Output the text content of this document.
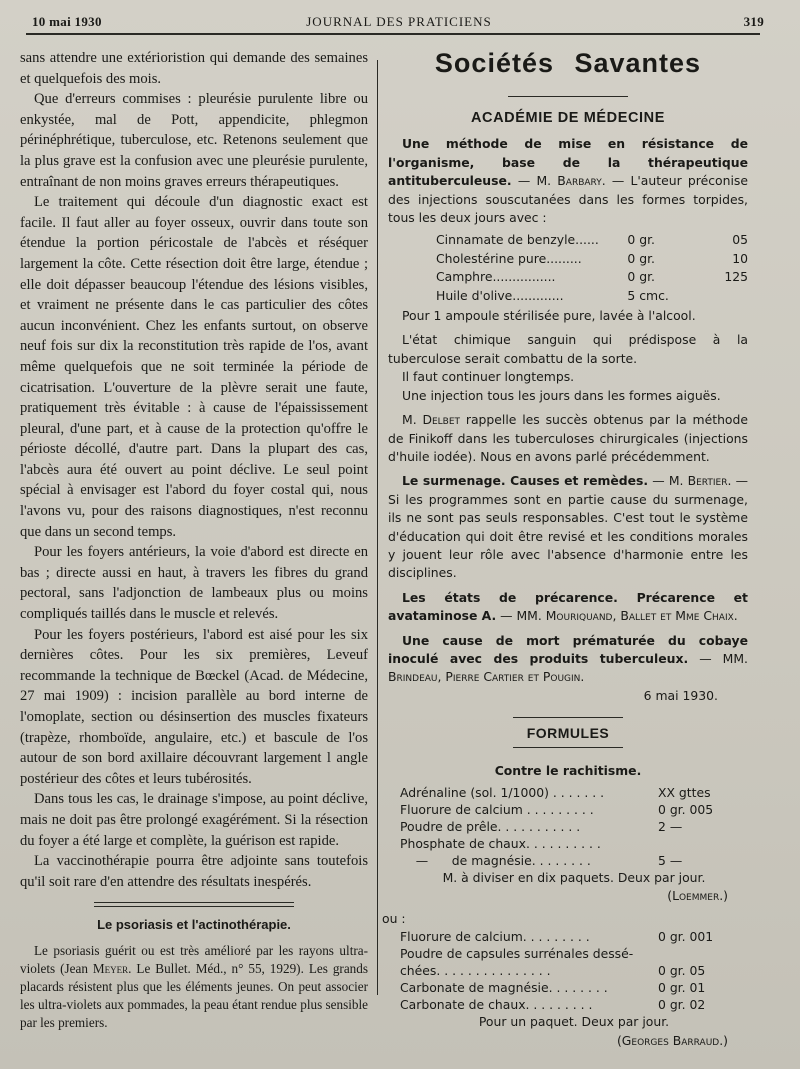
10 mai 1930	JOURNAL DES PRATICIENS	319

sans attendre une extérioristion qui demande des semaines et quelquefois des mois.

Que d'erreurs commises : pleurésie purulente libre ou enkystée, mal de Pott, appendicite, phlegmon périnéphrétique, tuberculose, etc. Retenons seulement que la plus grave est la confusion avec une pleurésie purulente, entraînant de non moins graves erreurs thérapeutiques.

Le traitement qui découle d'un diagnostic exact est facile. Il faut aller au foyer osseux, ouvrir dans toute son étendue la portion péricostale de l'abcès et réséquer largement la côte. Cette résection doit être large, étendue ; elle doit dépasser beaucoup l'étendue des lésions visibles, et vraiment ne présente dans le cas particulier des côtes aucun inconvénient. Chez les enfants surtout, on observe neuf fois sur dix la reconstitution très rapide de l'os, avant même quelquefois que ne soit terminée la période de cicatrisation. L'ouverture de la plèvre serait une faute, pratiquement très évitable : à cause de l'épaississement pleural, d'une part, et à cause de la protection qu'offre le périoste décollé, d'autre part. Dans la plupart des cas, l'abcès aura été ouvert au point déclive. Le seul point spécial à envisager est l'abord du foyer costal qui, nous l'avons vu, pour des raisons diagnostiques, n'est reconnu que dans un second temps.

Pour les foyers antérieurs, la voie d'abord est directe en bas ; directe aussi en haut, à travers les fibres du grand pectoral, sans l'adjonction de lambeaux plus ou moins compliqués taillés dans le muscle et relevés.

Pour les foyers postérieurs, l'abord est aisé pour les six dernières côtes. Pour les six premières, Leveuf recommande la technique de Bœckel (Acad. de Médecine, 27 mai 1909) : incision parallèle au bord interne de l'omoplate, section ou désinsertion des muscles fixateurs (trapèze, rhomboïde, angulaire, etc.) et bascule de l'os autour de son bord axillaire découvrant largement l angle postérieur des côtes et leurs tubérosités.

Dans tous les cas, le drainage s'impose, au point déclive, mais ne doit pas être prolongé exagérément. Si la résection du foyer a été large et complète, la guérison est rapide.

La vaccinothérapie pourra être adjointe sans toutefois qu'il soit rare d'en attendre des résultats inespérés.

Le psoriasis et l'actinothérapie.

Le psoriasis guérit ou est très amélioré par les rayons ultra-violets (Jean Meyer. Le Bullet. Méd., n° 55, 1929). Les grands placards résistent plus que les éléments jeunes. On peut associer les ultra-violets aux pommades, la peau étant rendue plus sensible par les premiers.

Sociétés Savantes
ACADÉMIE DE MÉDECINE

Une méthode de mise en résistance de l'organisme, base de la thérapeutique antituberculeuse. — M. Barbary. — L'auteur préconise des injections souscutanées dans les formes torpides, tous les deux jours avec :

Cinnamate de benzyle......	0 gr.	05
Cholestérine pure.........	0 gr.	10
Camphre................	0 gr.	125
Huile d'olive.............	5 cmc.

Pour 1 ampoule stérilisée pure, lavée à l'alcool.

L'état chimique sanguin qui prédispose à la tuberculose serait combattu de la sorte.

Il faut continuer longtemps.

Une injection tous les jours dans les formes aiguës.

M. Delbet rappelle les succès obtenus par la méthode de Finikoff dans les tuberculoses chirurgicales (injections d'huile iodée). Nous en avons parlé précédemment.

Le surmenage. Causes et remèdes. — M. Bertier. — Si les programmes sont en partie cause du surmenage, ils ne sont pas seuls responsables. C'est tout le système d'éducation qui doit être revisé et les conditions morales y jouent leur rôle avec l'absence d'harmonie entre les disciplines.

Les états de précarence. Précarence et avataminose A. — MM. Mouriquand, Ballet et Mme Chaix.

Une cause de mort prématurée du cobaye inoculé avec des produits tuberculeux. — MM. Brindeau, Pierre Cartier et Pougin.

6 mai 1930.

FORMULES
Contre le rachitisme.
Adrénaline (sol. 1/1000) . . . . . . .	XX gttes
Fluorure de calcium . . . . . . . . .	0 gr. 005
Poudre de prêle. . . . . . . . . . .	2 —
Phosphate de chaux. . . . . . . . . .
—      de magnésie. . . . . . . .	5 —
M. à diviser en dix paquets. Deux par jour.
(Loemmer.)
ou :
Fluorure de calcium. . . . . . . . .	0 gr. 001
Poudre de capsules surrénales dessé-
chées. . . . . . . . . . . . . . .	0 gr. 05
Carbonate de magnésie. . . . . . . .	0 gr. 01
Carbonate de chaux. . . . . . . . .	0 gr. 02
Pour un paquet. Deux par jour.
(Georges Barraud.)
